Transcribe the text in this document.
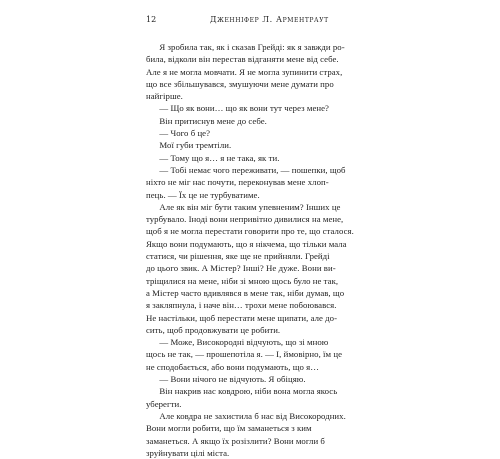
12	Дженніфер Л. Арментраут
Я зробила так, як і сказав Грейді: як я завжди ро-
била, відколи він перестав відганяти мене від себе.
Але я не могла мовчати. Я не могла зупинити страх,
що все збільшувався, змушуючи мене думати про
найгірше.
— Що як вони… що як вони тут через мене?
Він притиснув мене до себе.
— Чого б це?
Мої губи тремтіли.
— Тому що я… я не така, як ти.
— Тобі немає чого переживати, — пошепки, щоб
ніхто не міг нас почути, переконував мене хлоп-
пець. — Їх це не турбуватиме.
Але як він міг бути таким упевненим? Інших це
турбувало. Іноді вони непривітно дивилися на мене,
щоб я не могла перестати говорити про те, що сталося.
Якщо вони подумають, що я нікчема, що тільки мала
статися, чи рішення, яке ще не прийняли. Грейді
до цього звик. А Містер? Інші? Не дуже. Вони ви-
тріщилися на мене, ніби зі мною щось було не так,
а Містер часто вдивлявся в мене так, ніби думав, що
я закляпнула, і наче він… трохи мене побоювався.
Не настільки, щоб перестати мене щипати, але до-
сить, щоб продовжувати це робити.
— Може, Високородні відчують, що зі мною
щось не так, — прошепотіла я. — І, ймовірно, їм це
не сподобається, або вони подумають, що я…
— Вони нічого не відчують. Я обіцяю.
Він накрив нас ковдрою, ніби вона могла якось
уберегти.
Але ковдра не захистила б нас від Високородних.
Вони могли робити, що їм заманеться з ким
заманеться. А якщо їх розізлити? Вони могли б
зруйнувати цілі міста.
